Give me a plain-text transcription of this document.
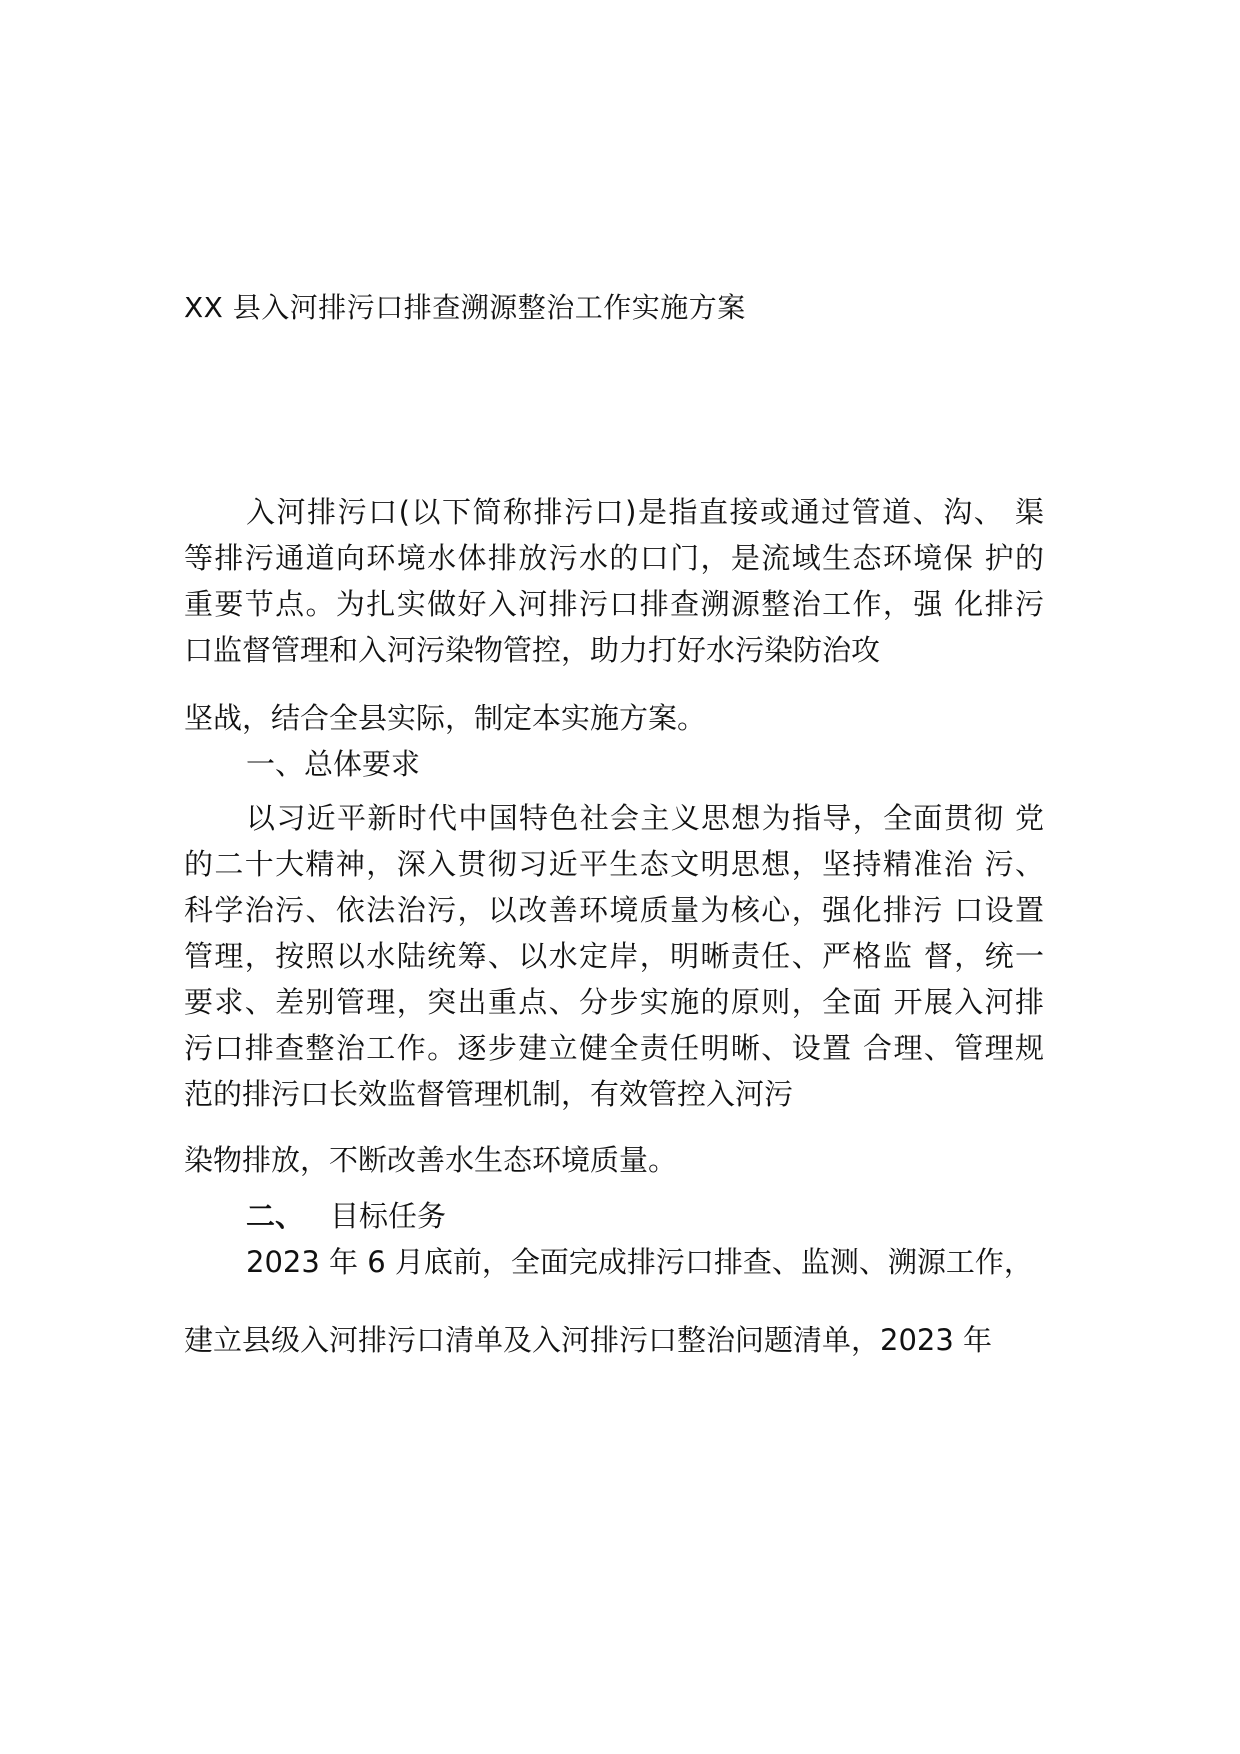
XX 县入河排污口排查溯源整治工作实施方案
入河排污口(以下简称排污口)是指直接或通过管道、沟、 渠
等排污通道向环境水体排放污水的口门，是流域生态环境保 护的
重要节点。为扎实做好入河排污口排查溯源整治工作，强 化排污
口监督管理和入河污染物管控，助力打好水污染防治攻
坚战，结合全县实际，制定本实施方案。
一、总体要求
以习近平新时代中国特色社会主义思想为指导，全面贯彻 党
的二十大精神，深入贯彻习近平生态文明思想，坚持精准治 污、
科学治污、依法治污，以改善环境质量为核心，强化排污 口设置
管理，按照以水陆统筹、以水定岸，明晰责任、严格监 督，统一
要求、差别管理，突出重点、分步实施的原则，全面 开展入河排
污口排查整治工作。逐步建立健全责任明晰、设置 合理、管理规
范的排污口长效监督管理机制，有效管控入河污
染物排放，不断改善水生态环境质量。
二、 目标任务
2023 年 6 月底前，全面完成排污口排查、监测、溯源工作，
建立县级入河排污口清单及入河排污口整治问题清单，2023 年
